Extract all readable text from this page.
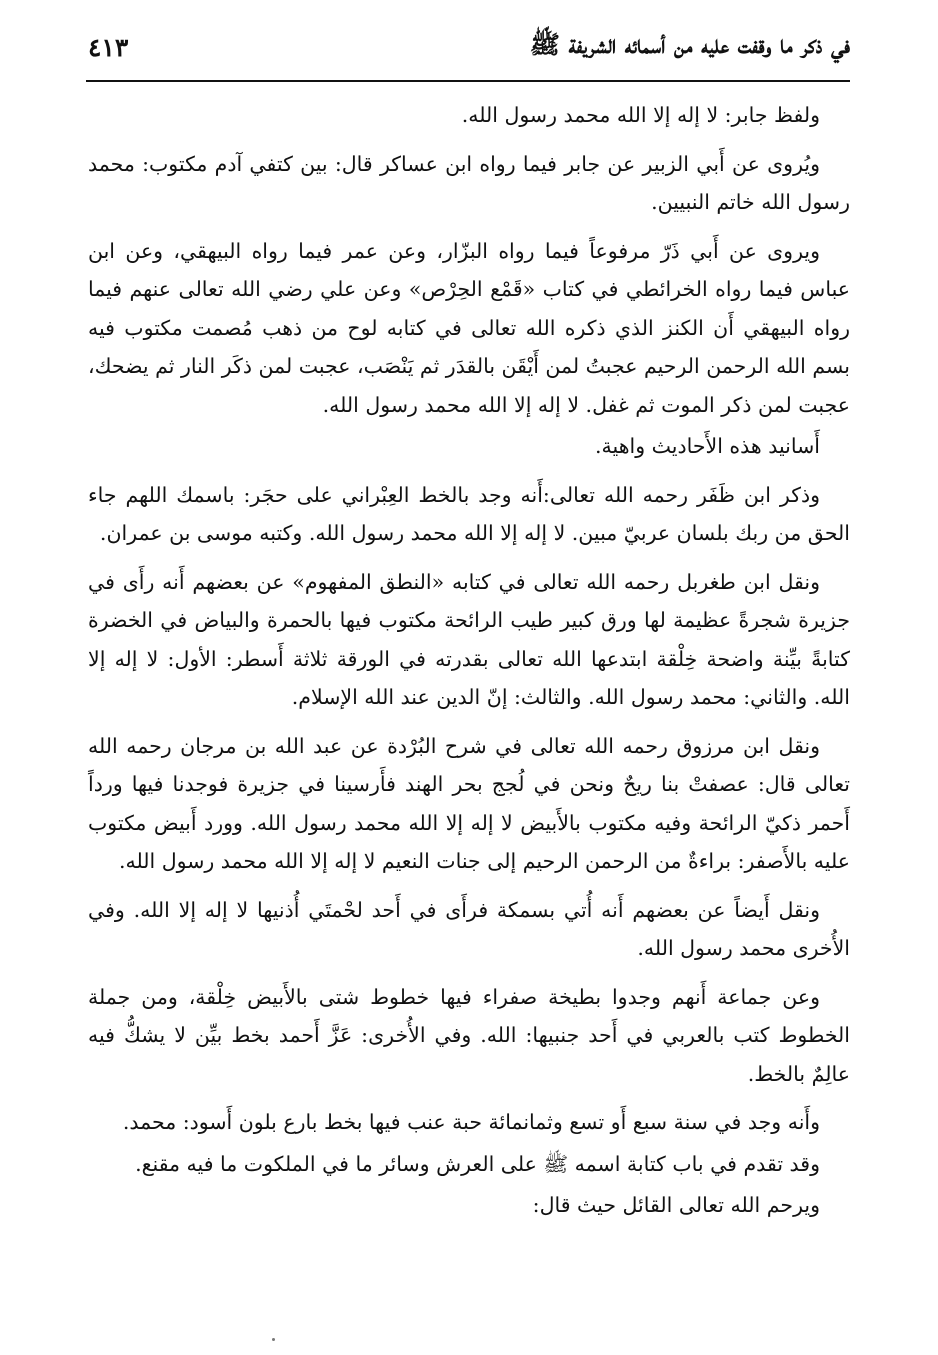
في ذكر ما وقفت عليه من أسمائه الشريفة ﷺ
٤١٣

ولفظ جابر: لا إله إلا الله محمد رسول الله.

ويُروى عن أَبي الزبير عن جابر فيما رواه ابن عساكر قال: بين كتفي آدم مكتوب: محمد رسول الله خاتم النبيين.

ويروى عن أَبي ذَرّ مرفوعاً فيما رواه البزّار، وعن عمر فيما رواه البيهقي، وعن ابن عباس فيما رواه الخرائطي في كتاب «قَمْع الحِرْص» وعن علي رضي الله تعالى عنهم فيما رواه البيهقي أَن الكنز الذي ذكره الله تعالى في كتابه لوح من ذهب مُصمت مكتوب فيه بسم الله الرحمن الرحيم عجبتُ لمن أَيْقَن بالقدَر ثم يَنْصَب، عجبت لمن ذكَر النار ثم يضحك، عجبت لمن ذكر الموت ثم غفل. لا إله إلا الله محمد رسول الله.

أَسانيد هذه الأَحاديث واهية.

وذكر ابن ظَفَر رحمه الله تعالى:أَنه وجد بالخط العِبْراني على حجَر: باسمك اللهم جاء الحق من ربك بلسان عربيّ مبين. لا إله إلا الله محمد رسول الله. وكتبه موسى بن عمران.

ونقل ابن طغربل رحمه الله تعالى في كتابه «النطق المفهوم» عن بعضهم أَنه رأَى في جزيرة شجرةً عظيمة لها ورق كبير طيب الرائحة مكتوب فيها بالحمرة والبياض في الخضرة كتابةً بيِّنة واضحة خِلْقة ابتدعها الله تعالى بقدرته في الورقة ثلاثة أَسطر: الأول: لا إله إلا الله. والثاني: محمد رسول الله. والثالث: إنّ الدين عند الله الإسلام.

ونقل ابن مرزوق رحمه الله تعالى في شرح البُرْدة عن عبد الله بن مرجان رحمه الله تعالى قال: عصفتْ بنا ريحٌ ونحن في لُجج بحر الهند فأَرسينا في جزيرة فوجدنا فيها ورداً أَحمر ذكيّ الرائحة وفيه مكتوب بالأَبيض لا إله إلا الله محمد رسول الله. وورد أَبيض مكتوب عليه بالأَصفر: براءةٌ من الرحمن الرحيم إلى جنات النعيم لا إله إلا الله محمد رسول الله.

ونقل أَيضاً عن بعضهم أَنه أُتي بسمكة فرأَى في أَحد لحْمتَي أُذنيها لا إله إلا الله. وفي الأُخرى محمد رسول الله.

وعن جماعة أَنهم وجدوا بطيخة صفراء فيها خطوط شتى بالأَبيض خِلْقة، ومن جملة الخطوط كتب بالعربي في أَحد جنبيها: الله. وفي الأُخرى: عَزَّ أَحمد بخط بيِّن لا يشكُّ فيه عالِمٌ بالخط.

وأَنه وجد في سنة سبع أَو تسع وثمانمائة حبة عنب فيها بخط بارع بلون أَسود: محمد.

وقد تقدم في باب كتابة اسمه ﷺ على العرش وسائر ما في الملكوت ما فيه مقنع.

ويرحم الله تعالى القائل حيث قال:
